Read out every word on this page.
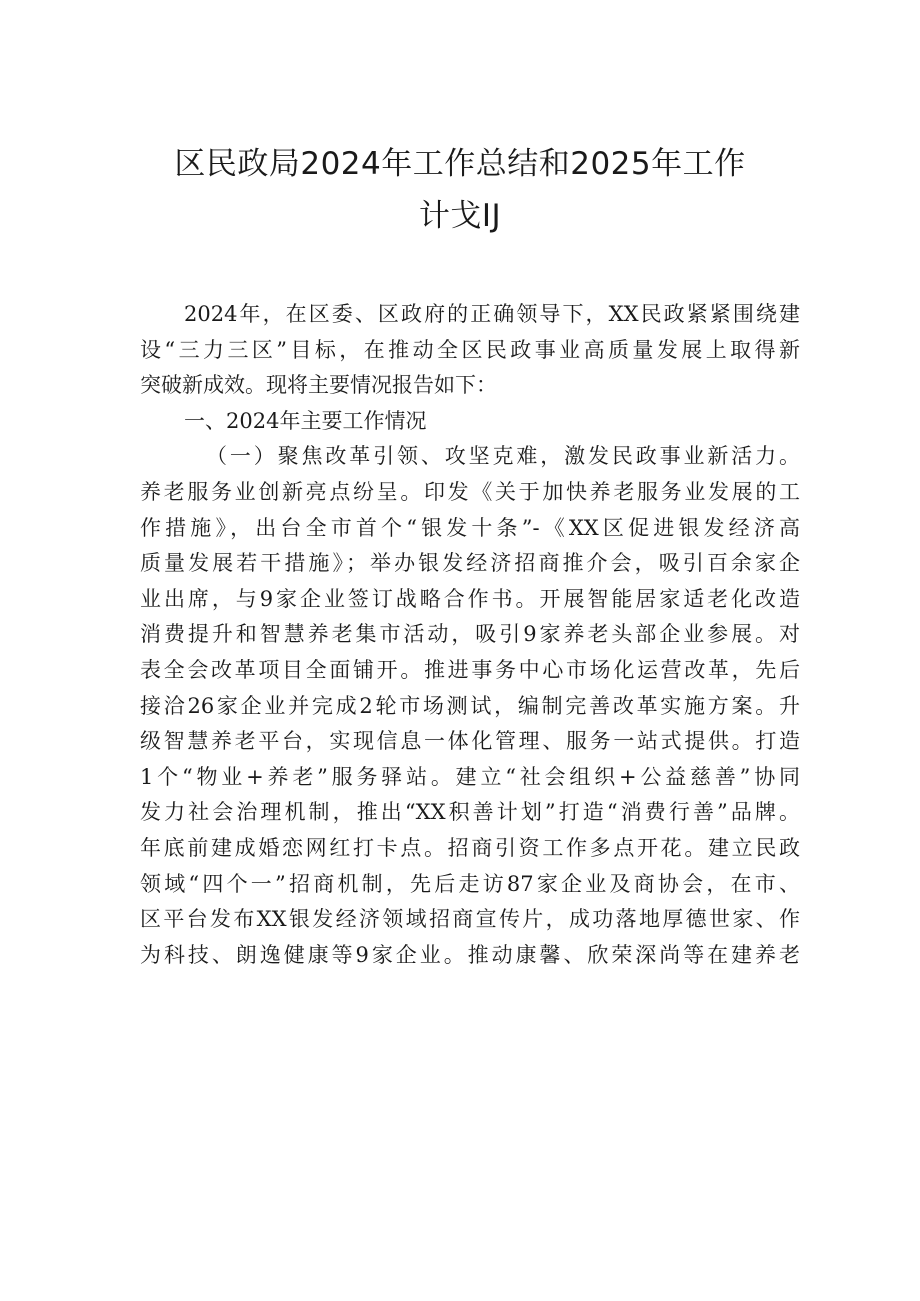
区民政局2024年工作总结和2025年工作
计戈IJ
2024年，在区委、区政府的正确领导下，XX民政紧紧围绕建
设“三力三区”目标，在推动全区民政事业高质量发展上取得新
突破新成效。现将主要情况报告如下：
一、2024年主要工作情况
（一）聚焦改革引领、攻坚克难，激发民政事业新活力。
养老服务业创新亮点纷呈。印发《关于加快养老服务业发展的工
作措施》，出台全市首个“银发十条”-《XX区促进银发经济高
质量发展若干措施》；举办银发经济招商推介会，吸引百余家企
业出席，与9家企业签订战略合作书。开展智能居家适老化改造
消费提升和智慧养老集市活动，吸引9家养老头部企业参展。对
表全会改革项目全面铺开。推进事务中心市场化运营改革，先后
接洽26家企业并完成2轮市场测试，编制完善改革实施方案。升
级智慧养老平台，实现信息一体化管理、服务一站式提供。打造
1个“物业+养老”服务驿站。建立“社会组织+公益慈善”协同
发力社会治理机制，推出“XX积善计划”打造“消费行善”品牌。
年底前建成婚恋网红打卡点。招商引资工作多点开花。建立民政
领域“四个一”招商机制，先后走访87家企业及商协会，在市、
区平台发布XX银发经济领域招商宣传片，成功落地厚德世家、作
为科技、朗逸健康等9家企业。推动康馨、欣荣深尚等在建养老
